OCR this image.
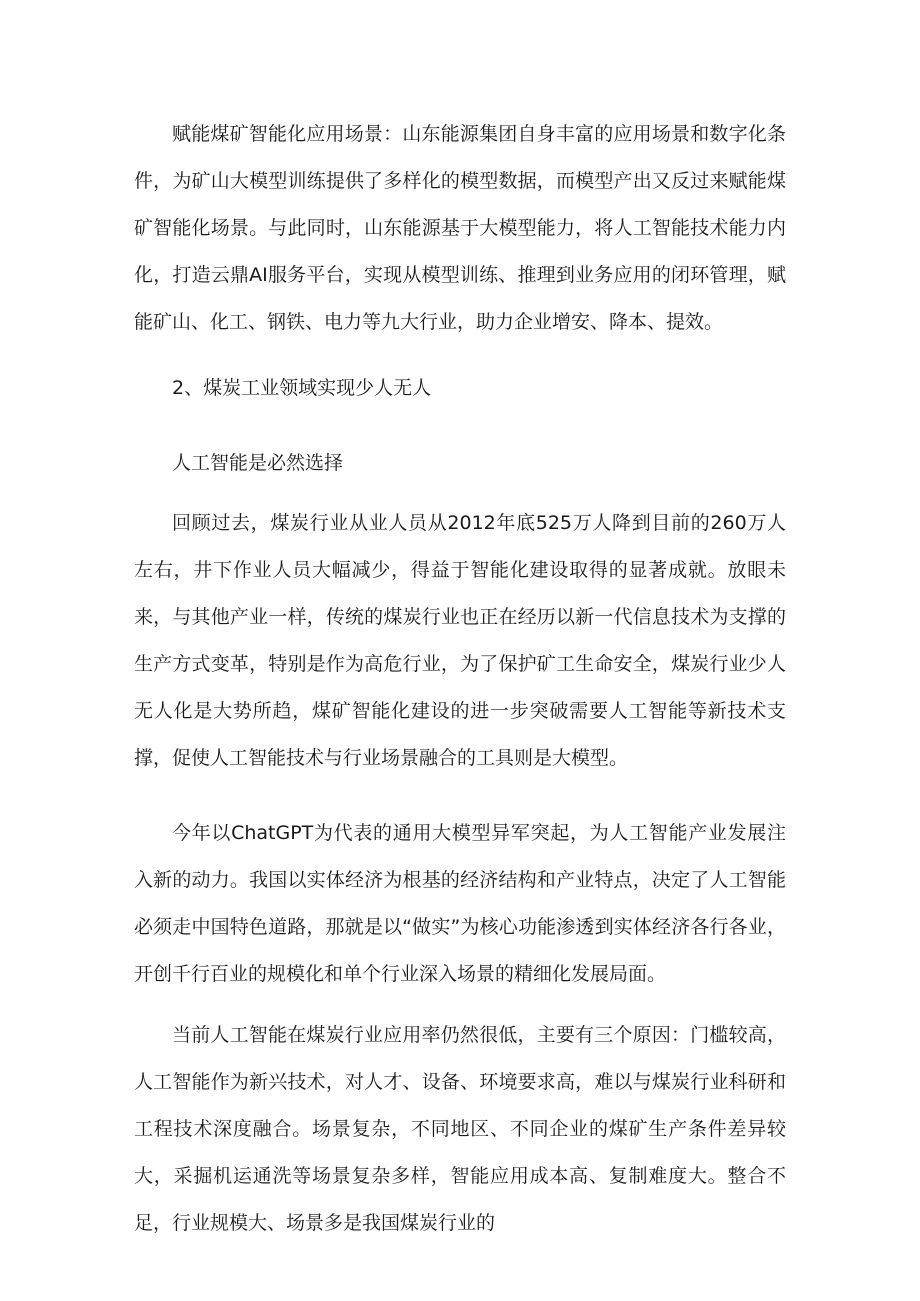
赋能煤矿智能化应用场景：山东能源集团自身丰富的应用场景和数字化条件，为矿山大模型训练提供了多样化的模型数据，而模型产出又反过来赋能煤矿智能化场景。与此同时，山东能源基于大模型能力，将人工智能技术能力内化，打造云鼎AI服务平台，实现从模型训练、推理到业务应用的闭环管理，赋能矿山、化工、钢铁、电力等九大行业，助力企业增安、降本、提效。

2、煤炭工业领域实现少人无人

人工智能是必然选择

回顾过去，煤炭行业从业人员从2012年底525万人降到目前的260万人左右，井下作业人员大幅减少，得益于智能化建设取得的显著成就。放眼未来，与其他产业一样，传统的煤炭行业也正在经历以新一代信息技术为支撑的生产方式变革，特别是作为高危行业，为了保护矿工生命安全，煤炭行业少人无人化是大势所趋，煤矿智能化建设的进一步突破需要人工智能等新技术支撑，促使人工智能技术与行业场景融合的工具则是大模型。

今年以ChatGPT为代表的通用大模型异军突起，为人工智能产业发展注入新的动力。我国以实体经济为根基的经济结构和产业特点，决定了人工智能必须走中国特色道路，那就是以“做实”为核心功能渗透到实体经济各行各业，开创千行百业的规模化和单个行业深入场景的精细化发展局面。

当前人工智能在煤炭行业应用率仍然很低，主要有三个原因：门槛较高，人工智能作为新兴技术，对人才、设备、环境要求高，难以与煤炭行业科研和工程技术深度融合。场景复杂，不同地区、不同企业的煤矿生产条件差异较大，采掘机运通洗等场景复杂多样，智能应用成本高、复制难度大。整合不足，行业规模大、场景多是我国煤炭行业的
